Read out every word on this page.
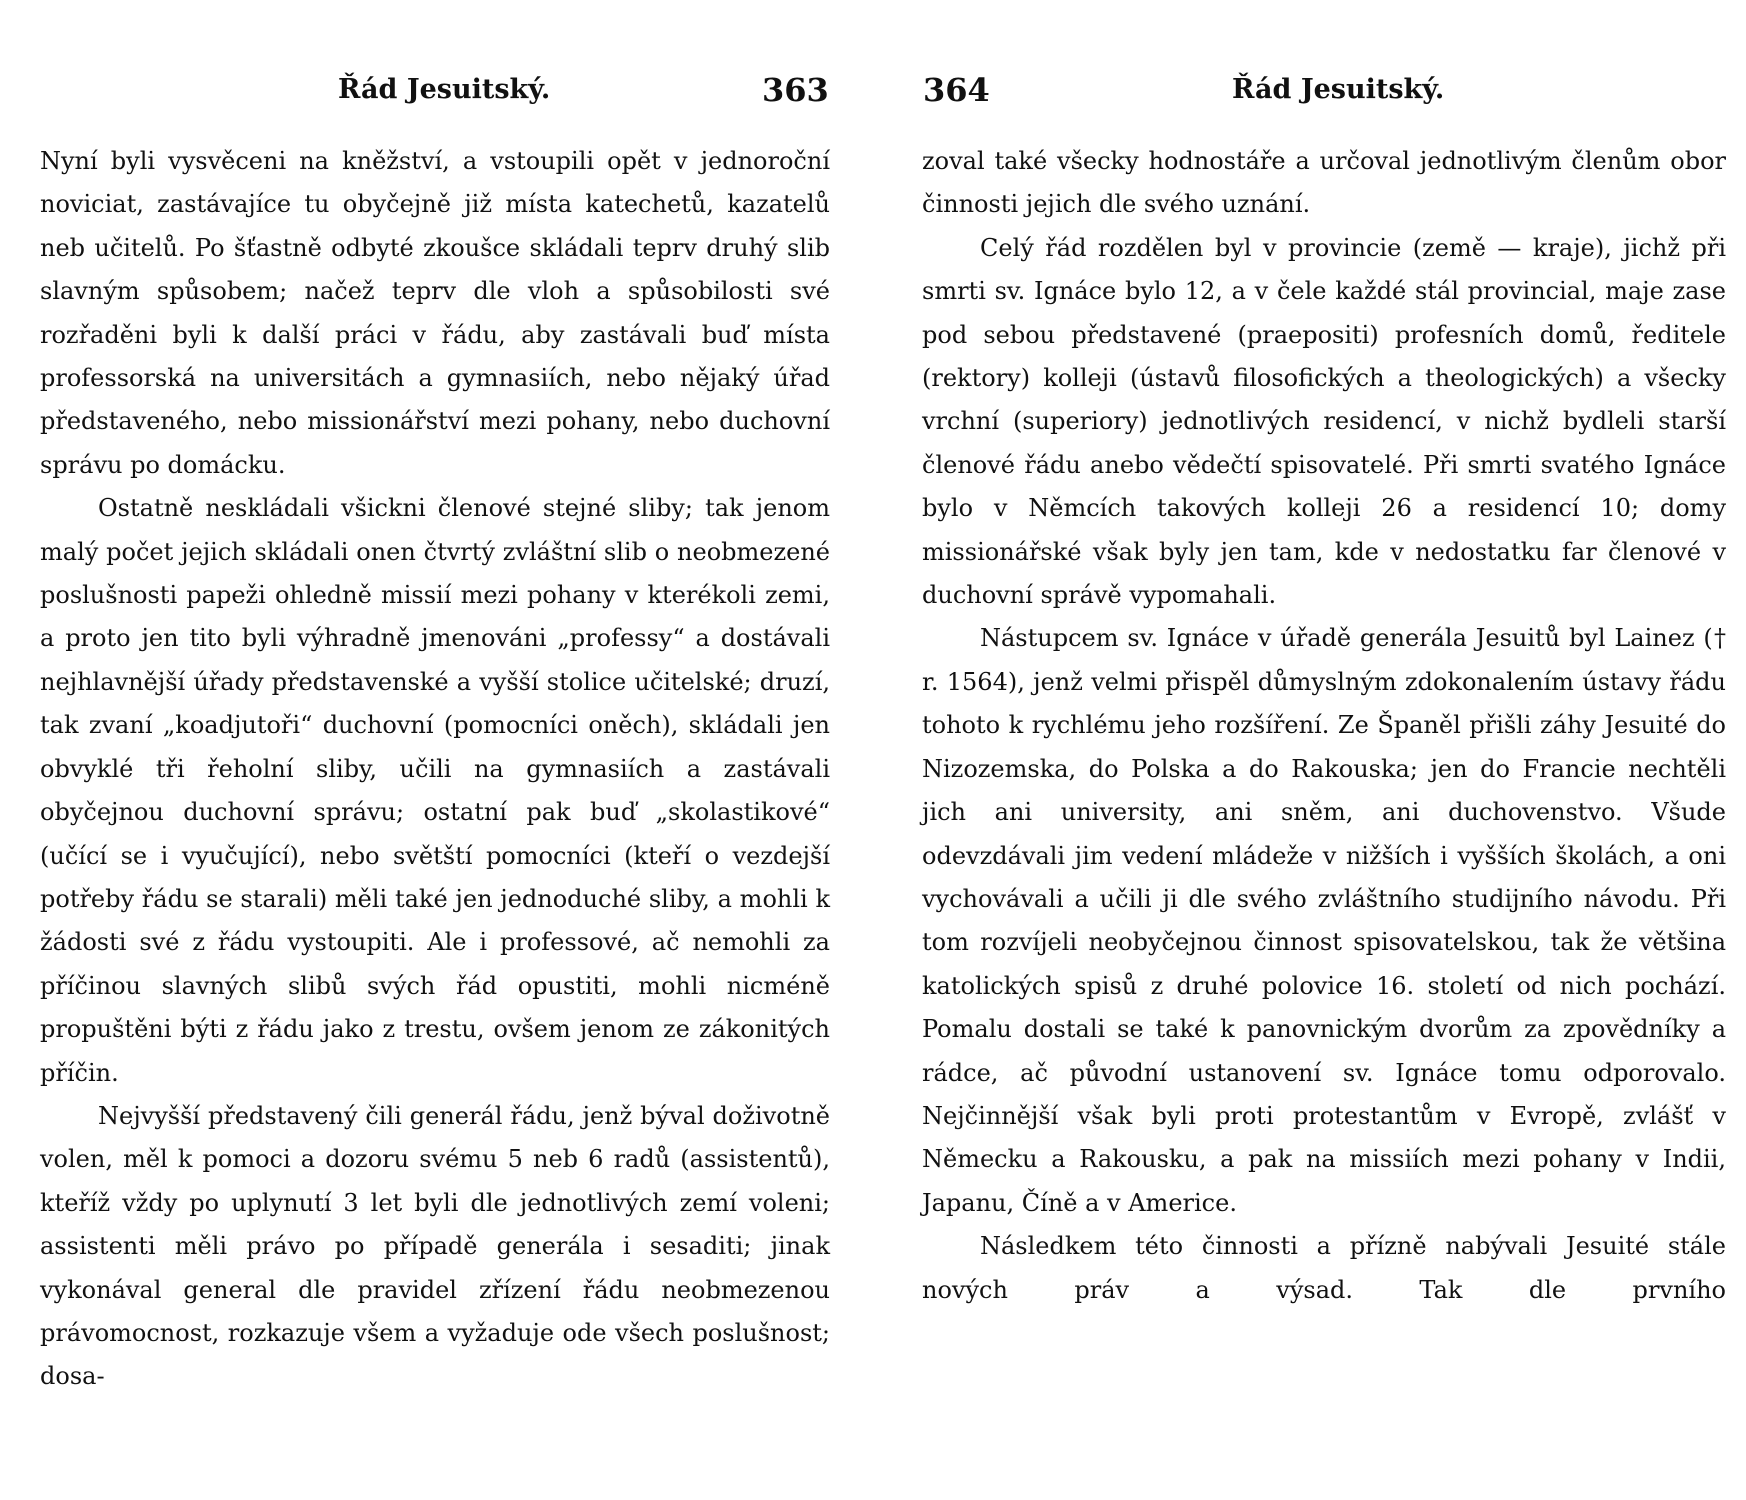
Řád Jesuitský.	363

Nyní byli vysvěceni na kněžství, a vstoupili opět v jednoroční noviciat, zastávajíce tu obyčejně již místa katechetů, kazatelů neb učitelů. Po šťastně odbyté zkoušce skládali teprv druhý slib slavným spůsobem; načež teprv dle vloh a spůsobilosti své rozřaděni byli k další práci v řádu, aby zastávali buď místa professorská na universitách a gymnasiích, nebo nějaký úřad představeného, nebo missionářství mezi pohany, nebo duchovní správu po domácku.

Ostatně neskládali všickni členové stejné sliby; tak jenom malý počet jejich skládali onen čtvrtý zvláštní slib o neobmezené poslušnosti papeži ohledně missií mezi pohany v kterékoli zemi, a proto jen tito byli výhradně jmenováni „professy“ a dostávali nejhlavnější úřady představenské a vyšší stolice učitelské; druzí, tak zvaní „koadjutoři“ duchovní (pomocníci oněch), skládali jen obvyklé tři řeholní sliby, učili na gymnasiích a zastávali obyčejnou duchovní správu; ostatní pak buď „skolastikové“ (učící se i vyučující), nebo světští pomocníci (kteří o vezdejší potřeby řádu se starali) měli také jen jednoduché sliby, a mohli k žádosti své z řádu vystoupiti. Ale i professové, ač nemohli za příčinou slavných slibů svých řád opustiti, mohli nicméně propuštěni býti z řádu jako z trestu, ovšem jenom ze zákonitých příčin.

Nejvyšší představený čili generál řádu, jenž býval doživotně volen, měl k pomoci a dozoru svému 5 neb 6 radů (assistentů), kteříž vždy po uplynutí 3 let byli dle jednotlivých zemí voleni; assistenti měli právo po případě generála i sesaditi; jinak vykonával general dle pravidel zřízení řádu neobmezenou právomocnost, rozkazuje všem a vyžaduje ode všech poslušnost; dosa-

364	Řád Jesuitský.

zoval také všecky hodnostáře a určoval jednotlivým členům obor činnosti jejich dle svého uznání.

Celý řád rozdělen byl v provincie (země — kraje), jichž při smrti sv. Ignáce bylo 12, a v čele každé stál provincial, maje zase pod sebou představené (praepositi) profesních domů, ředitele (rektory) kolleji (ústavů filosofických a theologických) a všecky vrchní (superiory) jednotlivých residencí, v nichž bydleli starší členové řádu anebo vědečtí spisovatelé. Při smrti svatého Ignáce bylo v Němcích takových kolleji 26 a residencí 10; domy missionářské však byly jen tam, kde v nedostatku far členové v duchovní správě vypomahali.

Nástupcem sv. Ignáce v úřadě generála Jesuitů byl Lainez († r. 1564), jenž velmi přispěl důmyslným zdokonalením ústavy řádu tohoto k rychlému jeho rozšíření. Ze Španěl přišli záhy Jesuité do Nizozemska, do Polska a do Rakouska; jen do Francie nechtěli jich ani university, ani sněm, ani duchovenstvo. Všude odevzdávali jim vedení mládeže v nižších i vyšších školách, a oni vychovávali a učili ji dle svého zvláštního studijního návodu. Při tom rozvíjeli neobyčejnou činnost spisovatelskou, tak že většina katolických spisů z druhé polovice 16. století od nich pochází. Pomalu dostali se také k panovnickým dvorům za zpovědníky a rádce, ač původní ustanovení sv. Ignáce tomu odporovalo. Nejčinnější však byli proti protestantům v Evropě, zvlášť v Německu a Rakousku, a pak na missiích mezi pohany v Indii, Japanu, Číně a v Americe.

Následkem této činnosti a přízně nabývali Jesuité stále nových práv a výsad. Tak dle prvního
